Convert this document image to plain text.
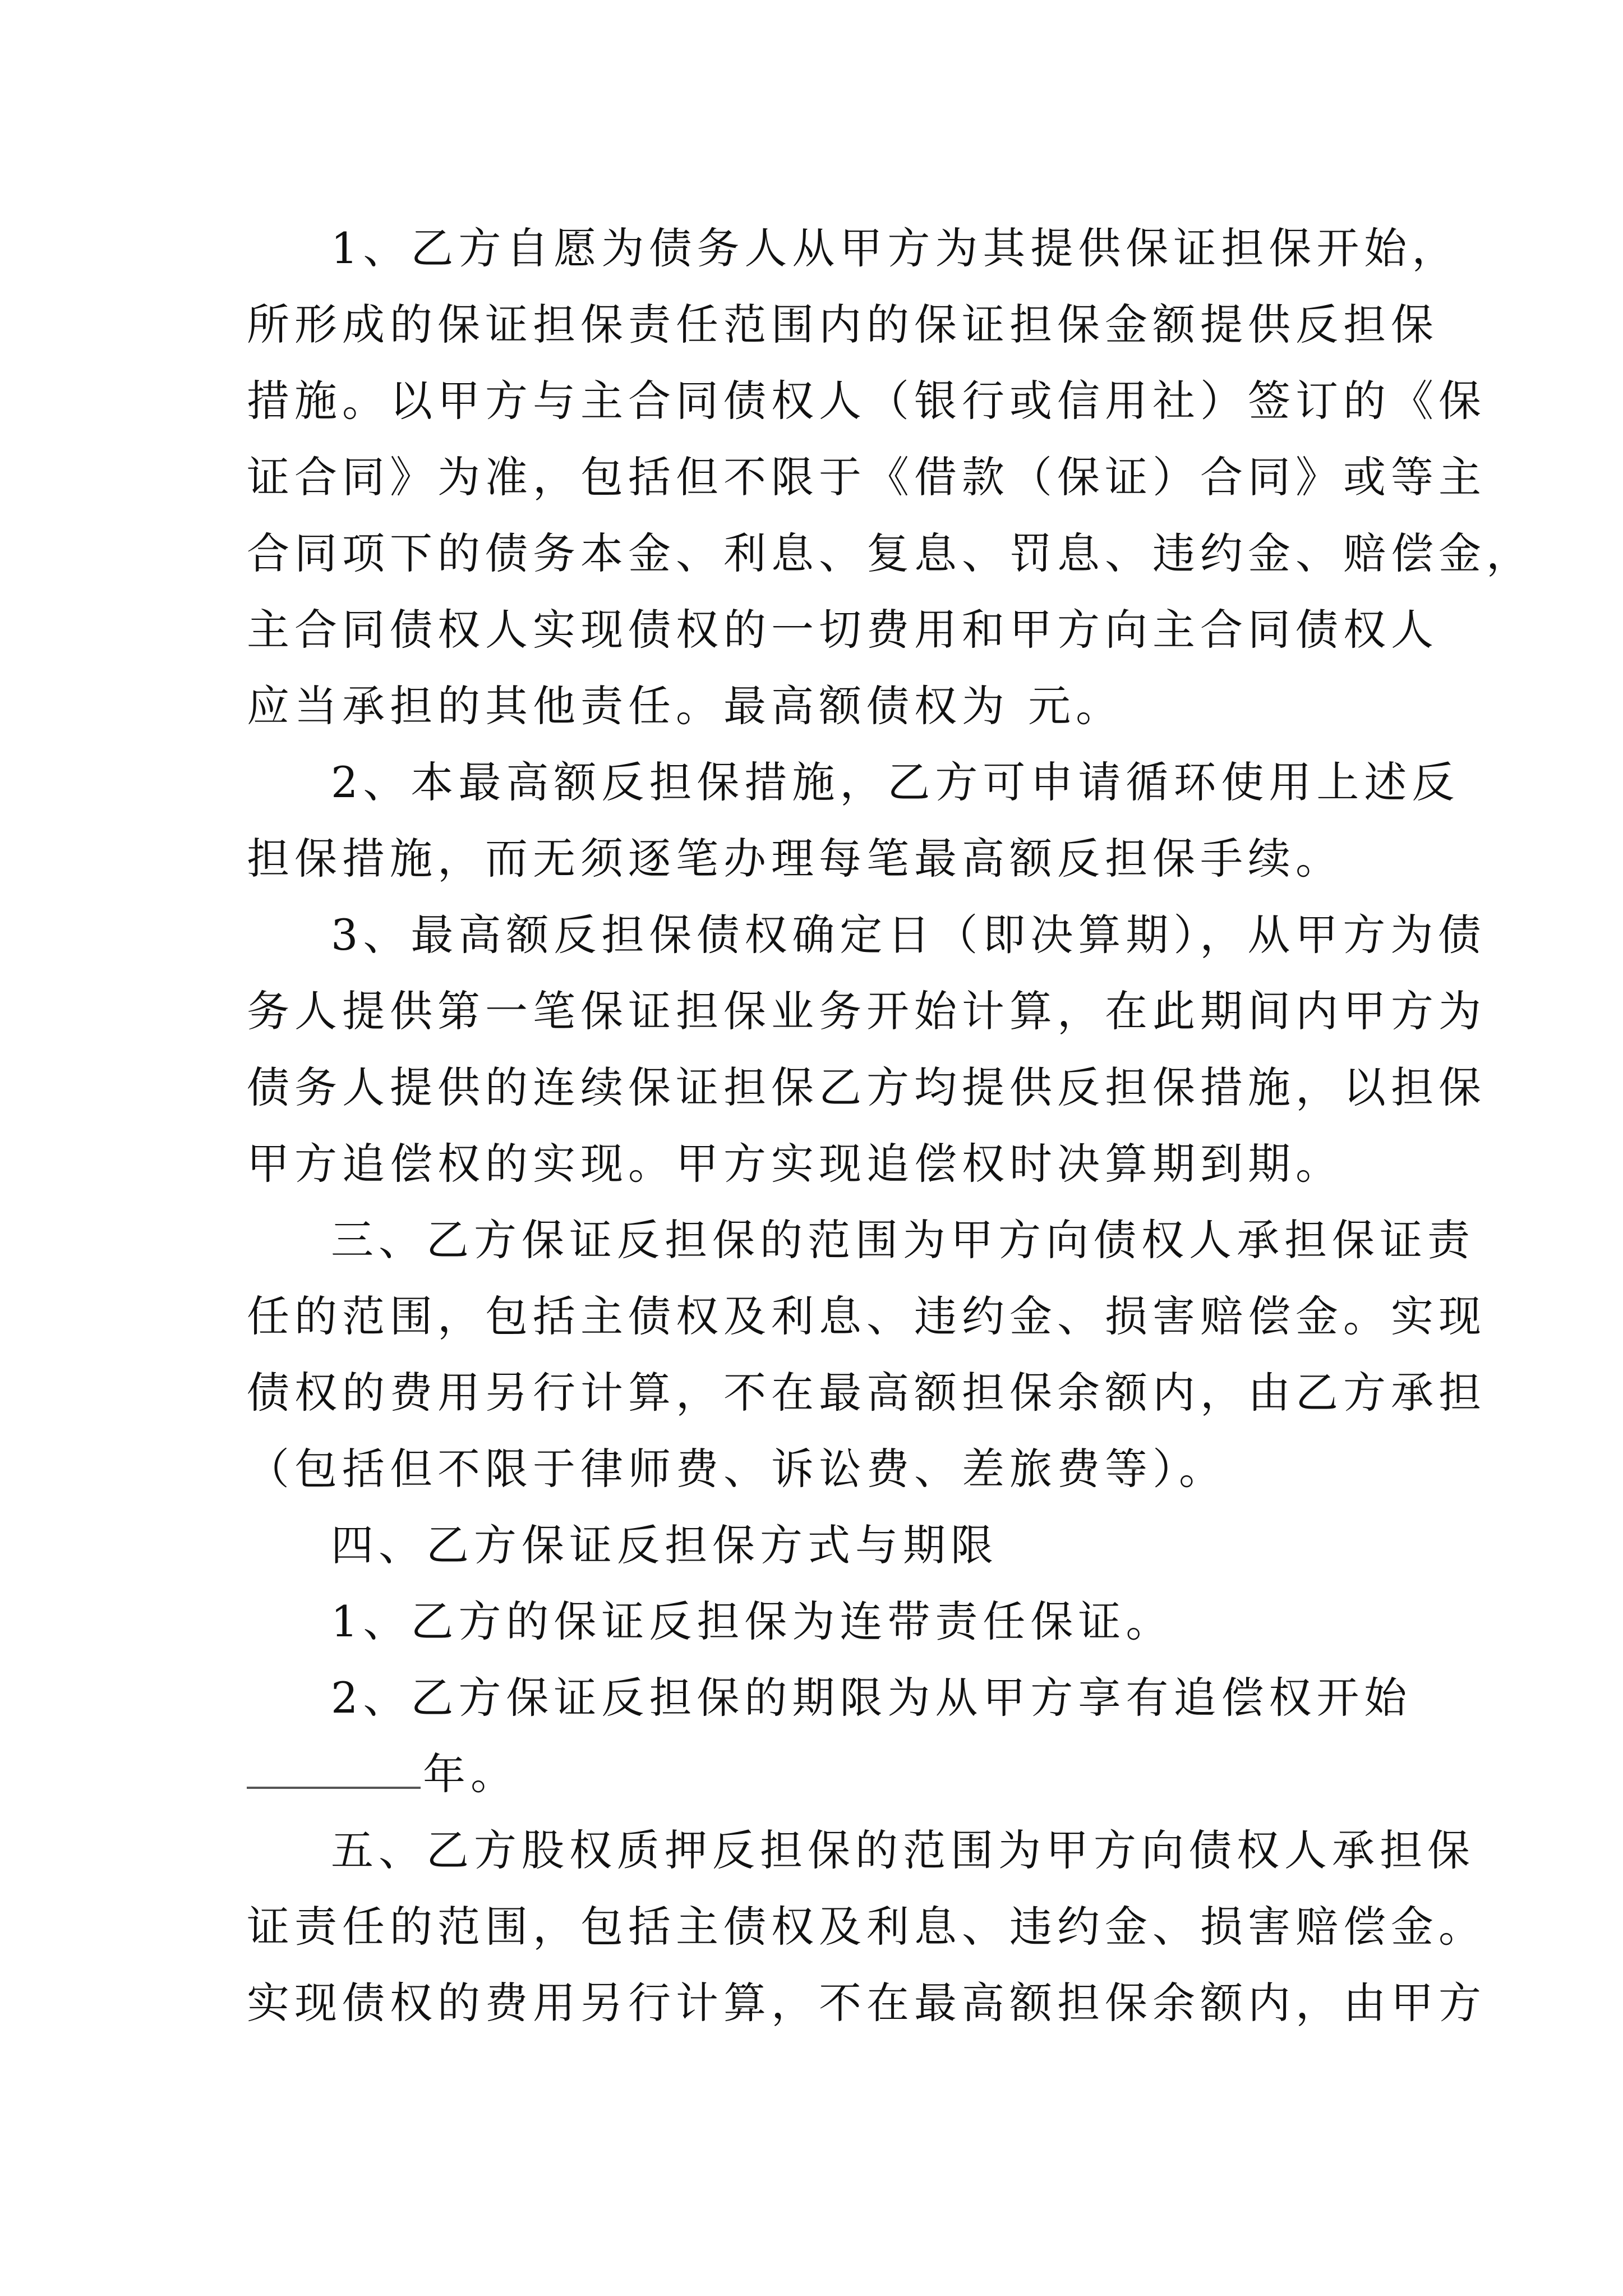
1、乙方自愿为债务人从甲方为其提供保证担保开始，
所形成的保证担保责任范围内的保证担保金额提供反担保
措施。以甲方与主合同债权人（银行或信用社）签订的《保
证合同》为准，包括但不限于《借款（保证）合同》或等主
合同项下的债务本金、利息、复息、罚息、违约金、赔偿金，
主合同债权人实现债权的一切费用和甲方向主合同债权人
应当承担的其他责任。最高额债权为 元。
2、本最高额反担保措施，乙方可申请循环使用上述反
担保措施，而无须逐笔办理每笔最高额反担保手续。
3、最高额反担保债权确定日（即决算期），从甲方为债
务人提供第一笔保证担保业务开始计算，在此期间内甲方为
债务人提供的连续保证担保乙方均提供反担保措施，以担保
甲方追偿权的实现。甲方实现追偿权时决算期到期。
三、乙方保证反担保的范围为甲方向债权人承担保证责
任的范围，包括主债权及利息、违约金、损害赔偿金。实现
债权的费用另行计算，不在最高额担保余额内，由乙方承担
（包括但不限于律师费、诉讼费、差旅费等）。
四、乙方保证反担保方式与期限
1、乙方的保证反担保为连带责任保证。
2、乙方保证反担保的期限为从甲方享有追偿权开始
年。
五、乙方股权质押反担保的范围为甲方向债权人承担保
证责任的范围，包括主债权及利息、违约金、损害赔偿金。
实现债权的费用另行计算，不在最高额担保余额内，由甲方
